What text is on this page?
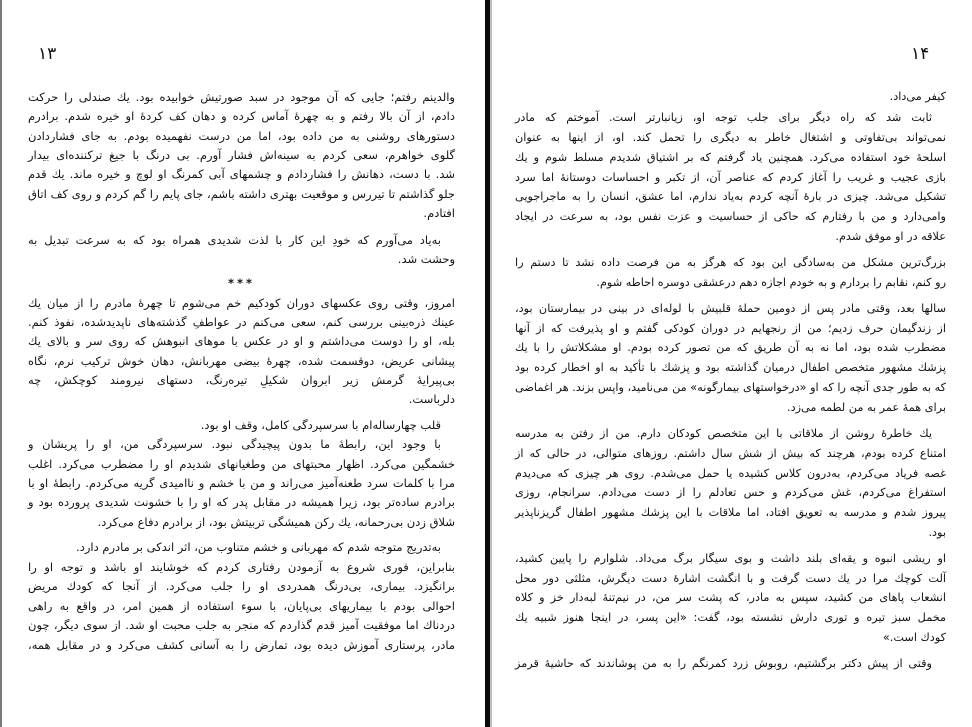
۱۳
والدینم رفتم؛ جایی که آن موجود در سبد صورتیش خوابیده بود. یك صندلی را حرکت
دادم، از آن بالا رفتم و به چهرهٔ آماس کرده و دهان کف کردهٔ او خیره شدم. برادرم
دستورهای روشنی به من داده بود، اما من درست نفهمیده بودم. به جای فشاردادن
گلوی خواهرم، سعی کردم به سینه‌اش فشار آورم. بی درنگ با جیغ ترکننده‌ای بیدار
شد. با دست، دهانش را فشاردادم و چشمهای آبی کمرنگ او لوچ و خیره ماند. یك قدم
جلو گذاشتم تا تیررس و موقعیت بهتری داشته باشم، جای پایم را گم کردم و روی کف اتاق
افتادم.
به‌یاد می‌آورم که خودِ این کار با لذت شدیدی همراه بود که به سرعت تبدیل به
وحشت شد.
***
امروز، وقتی روی عکسهای دوران کودکیم خم می‌شوم تا چهرهٔ مادرم را از میان یك
عینك ذره‌بینی بررسی کنم، سعی می‌کنم در عواطفِ گذشته‌های ناپدیدشده، نفوذ کنم.
بله، او را دوست می‌داشتم و او در عکس با موهای انبوهش که روی سر و بالای یك
پیشانی عریض، دوقسمت شده، چهرهٔ بیضی مهربانش، دهان خوش ترکیب نرم، نگاه
بی‌پیرایهٔ گرمش زیر ابروان شکیلِ تیره‌رنگ، دستهای نیرومند کوچکش، چه
دلرباست.
قلب چهارساله‌ام با سرسپردگی کامل، وقف او بود.
با وجود این، رابطهٔ ما بدون پیچیدگی نبود. سرسپردگی من، او را پریشان و
خشمگین می‌کرد. اظهار محبتهای من وطغیانهای شدیدم او را مضطرب می‌کرد. اغلب
مرا با کلمات سرد طعنه‌آمیز می‌راند و من با خشم و ناامیدی گریه می‌کردم. رابطهٔ او با
برادرم ساده‌تر بود، زیرا همیشه در مقابل پدر که او را با خشونت شدیدی پرورده بود و
شلاق زدن بی‌رحمانه، یك رکن همیشگی تربیتش بود، از برادرم دفاع می‌کرد.
به‌تدریج متوجه شدم که مهربانی و خشم متناوب من، اثر اندکی بر مادرم دارد.
بنابراین، فوری شروع به آزمودن رفتاری کردم که خوشایند او باشد و توجه او را
برانگیزد. بیماری، بی‌درنگ همدردی او را جلب می‌کرد. از آنجا که کودك مریض
احوالی بودم با بیماریهای بی‌پایان، با سوء استفاده از همین امر، در واقع به راهی
دردناك اما موفقیت آمیز قدم گذاردم که منجر به جلب محبت او شد. از سوی دیگر، چون
مادر، پرستاری آموزش دیده بود، تمارض را به آسانی کشف می‌کرد و در مقابل همه،
۱۴
کیفر می‌داد.
ثابت شد که راه دیگر برای جلب توجه او، زیانبارتر است. آموختم که مادر
نمی‌تواند بی‌تفاوتی و اشتغال خاطر به دیگری را تحمل کند. او، از اینها به عنوان
اسلحهٔ خود استفاده می‌کرد. همچنین یاد گرفتم که بر اشتیاق شدیدم مسلط شوم و یك
بازی عجیب و غریب را آغاز کردم که عناصر آن، از تکبر و احساسات دوستانهٔ اما سرد
تشکیل می‌شد. چیزی در بارهٔ آنچه کردم به‌یاد ندارم، اما عشق، انسان را به ماجراجویی
وامی‌دارد و من با رفتارم که حاکی از حساسیت و عزت نفس بود، به سرعت در ایجاد
علاقه در او موفق شدم.
بزرگ‌ترین مشکل من به‌سادگی این بود که هرگز به من فرصت داده نشد تا دستم را
رو کنم، نقابم را بردارم و به خودم اجازه دهم درعشقی دوسره احاطه شوم.
سالها بعد، وقتی مادر پس از دومین حملهٔ قلبیش با لوله‌ای در بینی در بیمارستان بود،
از زندگیمان حرف زدیم؛ من از رنجهایم در دوران کودکی گفتم و او پذیرفت که از آنها
مضطرب شده بود، اما نه به آن طریق که من تصور کرده بودم. او مشکلاتش را با یك
پزشك مشهور متخصص اطفال درمیان گذاشته بود و پزشك با تأکید به او اخطار کرده بود
که به طور جدی آنچه را که او «درخواستهای بیمارگونه» من می‌نامید، واپس بزند. هر اغماضی
برای همهٔ عمر به من لطمه می‌زد.
یك خاطرهٔ روشن از ملاقاتی با این متخصص کودکان دارم. من از رفتن به مدرسه
امتناع کرده بودم، هرچند که بیش از شش سال داشتم. روزهای متوالی، در حالی که از
غصه فریاد می‌کردم، به‌درون کلاس کشیده یا حمل می‌شدم. روی هر چیزی که می‌دیدم
استفراغ می‌کردم، غش می‌کردم و حس تعادلم را از دست می‌دادم. سرانجام، روزی
پیروز شدم و مدرسه به تعویق افتاد، اما ملاقات با این پزشك مشهور اطفال گریزناپذیر
بود.
او ریشی انبوه و یقه‌ای بلند داشت و بوی سیگار برگ می‌داد. شلوارم را پایین کشید،
آلت کوچك مرا در یك دست گرفت و با انگشت اشارهٔ دست دیگرش، مثلثی دور محل
انشعاب پاهای من کشید، سپس به مادر، که پشت سر من، در نیم‌تنهٔ لبه‌دار خز و کلاه
مخمل سبز تیره و توری دارش نشسته بود، گفت: «این پسر، در اینجا هنوز شبیه یك
کودك است.»
وقتی از پیش دکتر برگشتیم، روبوش زرد کمرنگم را به من پوشاندند که حاشیهٔ قرمز
